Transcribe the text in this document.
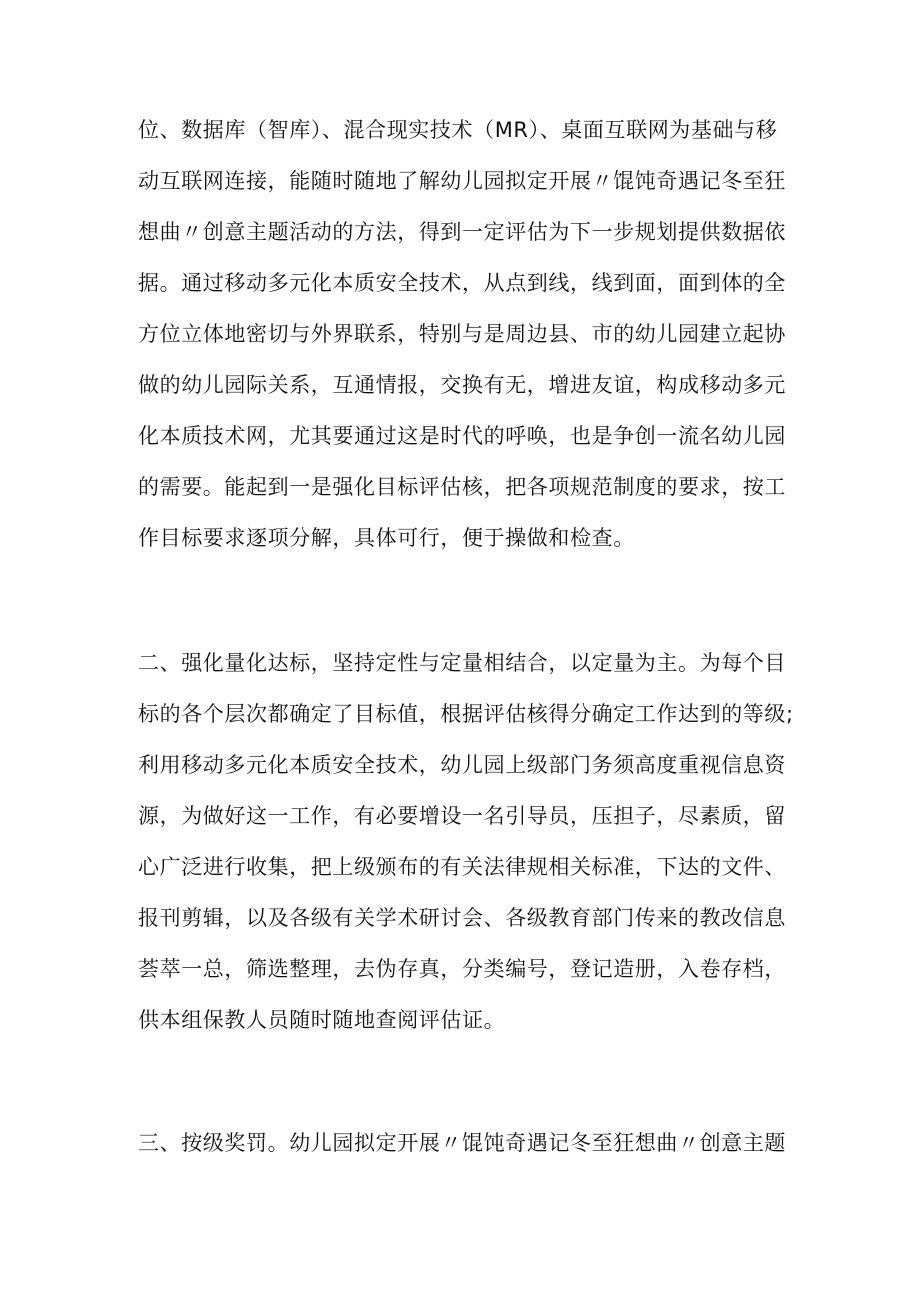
位、数据库（智库）、混合现实技术（MR）、桌面互联网为基础与移
动互联网连接，能随时随地了解幼儿园拟定开展〃馄饨奇遇记冬至狂
想曲〃创意主题活动的方法，得到一定评估为下一步规划提供数据依
据。通过移动多元化本质安全技术，从点到线，线到面，面到体的全
方位立体地密切与外界联系，特别与是周边县、市的幼儿园建立起协
做的幼儿园际关系，互通情报，交换有无，增进友谊，构成移动多元
化本质技术网，尤其要通过这是时代的呼唤，也是争创一流名幼儿园
的需要。能起到一是强化目标评估核，把各项规范制度的要求，按工
作目标要求逐项分解，具体可行，便于操做和检查。
二、强化量化达标，坚持定性与定量相结合，以定量为主。为每个目
标的各个层次都确定了目标值，根据评估核得分确定工作达到的等级;
利用移动多元化本质安全技术，幼儿园上级部门务须高度重视信息资
源，为做好这一工作，有必要增设一名引导员，压担子，尽素质，留
心广泛进行收集，把上级颁布的有关法律规相关标准，下达的文件、
报刊剪辑，以及各级有关学术研讨会、各级教育部门传来的教改信息
荟萃一总，筛选整理，去伪存真，分类编号，登记造册，入卷存档，
供本组保教人员随时随地查阅评估证。
三、按级奖罚。幼儿园拟定开展〃馄饨奇遇记冬至狂想曲〃创意主题
